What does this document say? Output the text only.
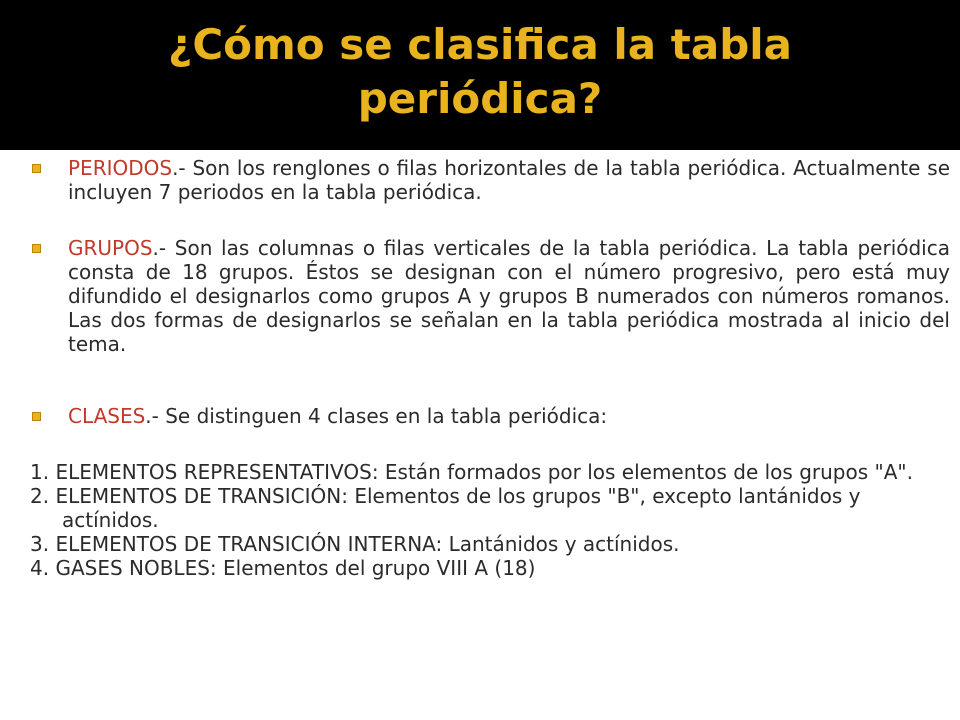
¿Cómo se clasifica la tabla
periódica?
PERIODOS.- Son los renglones o filas horizontales de la tabla periódica. Actualmente se incluyen 7 periodos en la tabla periódica.
GRUPOS.- Son las columnas o filas verticales de la tabla periódica. La tabla periódica consta de 18 grupos. Éstos se designan con el número progresivo, pero está muy difundido el designarlos como grupos A y grupos B numerados con números romanos. Las dos formas de designarlos se señalan en la tabla periódica mostrada al inicio del tema.
CLASES.- Se distinguen 4 clases en la tabla periódica:

1. ELEMENTOS REPRESENTATIVOS: Están formados por los elementos de los grupos "A".

2. ELEMENTOS DE TRANSICIÓN: Elementos de los grupos "B", excepto lantánidos y actínidos.

3. ELEMENTOS DE TRANSICIÓN INTERNA: Lantánidos y actínidos.

4. GASES NOBLES: Elementos del grupo VIII A (18)
